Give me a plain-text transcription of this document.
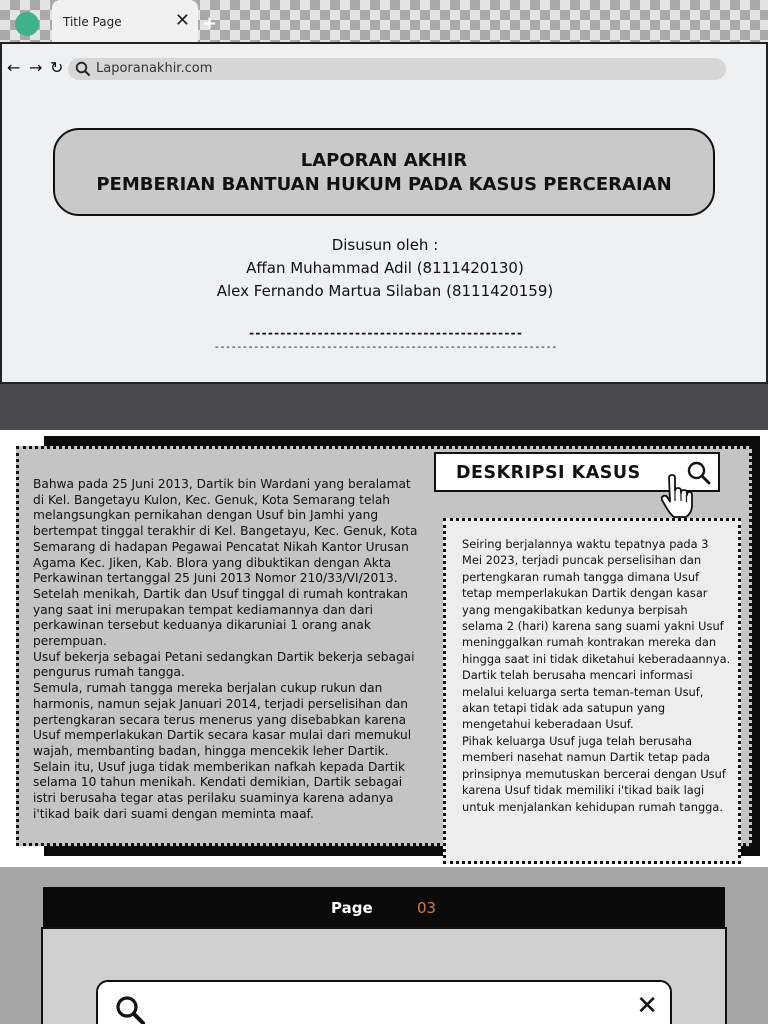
Title Page	✕ +
← → ↻	Laporanakhir.com
LAPORAN AKHIR
PEMBERIAN BANTUAN HUKUM PADA KASUS PERCERAIAN
Disusun oleh :
Affan Muhammad Adil (8111420130)
Alex Fernando Martua Silaban (8111420159)
--------------------------------------------
-------------------------------------------------------------

Bahwa pada 25 Juni 2013, Dartik bin Wardani yang beralamat di Kel. Bangetayu Kulon, Kec. Genuk, Kota Semarang telah melangsungkan pernikahan dengan Usuf bin Jamhi yang bertempat tinggal terakhir di Kel. Bangetayu, Kec. Genuk, Kota Semarang di hadapan Pegawai Pencatat Nikah Kantor Urusan Agama Kec. Jiken, Kab. Blora yang dibuktikan dengan Akta Perkawinan tertanggal 25 Juni 2013 Nomor 210/33/VI/2013. Setelah menikah, Dartik dan Usuf tinggal di rumah kontrakan yang saat ini merupakan tempat kediamannya dan dari perkawinan tersebut keduanya dikaruniai 1 orang anak perempuan.

Usuf bekerja sebagai Petani sedangkan Dartik bekerja sebagai pengurus rumah tangga.

Semula, rumah tangga mereka berjalan cukup rukun dan harmonis, namun sejak Januari 2014, terjadi perselisihan dan pertengkaran secara terus menerus yang disebabkan karena Usuf memperlakukan Dartik secara kasar mulai dari memukul wajah, membanting badan, hingga mencekik leher Dartik. Selain itu, Usuf juga tidak memberikan nafkah kepada Dartik selama 10 tahun menikah. Kendati demikian, Dartik sebagai istri berusaha tegar atas perilaku suaminya karena adanya i'tikad baik dari suami dengan meminta maaf.

DESKRIPSI KASUS

Seiring berjalannya waktu tepatnya pada 3 Mei 2023, terjadi puncak perselisihan dan pertengkaran rumah tangga dimana Usuf tetap memperlakukan Dartik dengan kasar yang mengakibatkan kedunya berpisah selama 2 (hari) karena sang suami yakni Usuf meninggalkan rumah kontrakan mereka dan hingga saat ini tidak diketahui keberadaannya. Dartik telah berusaha mencari informasi melalui keluarga serta teman-teman Usuf, akan tetapi tidak ada satupun yang mengetahui keberadaan Usuf.

Pihak keluarga Usuf juga telah berusaha memberi nasehat namun Dartik tetap pada prinsipnya memutuskan bercerai dengan Usuf karena Usuf tidak memiliki i'tikad baik lagi untuk menjalankan kehidupan rumah tangga.

Page	03
✕
